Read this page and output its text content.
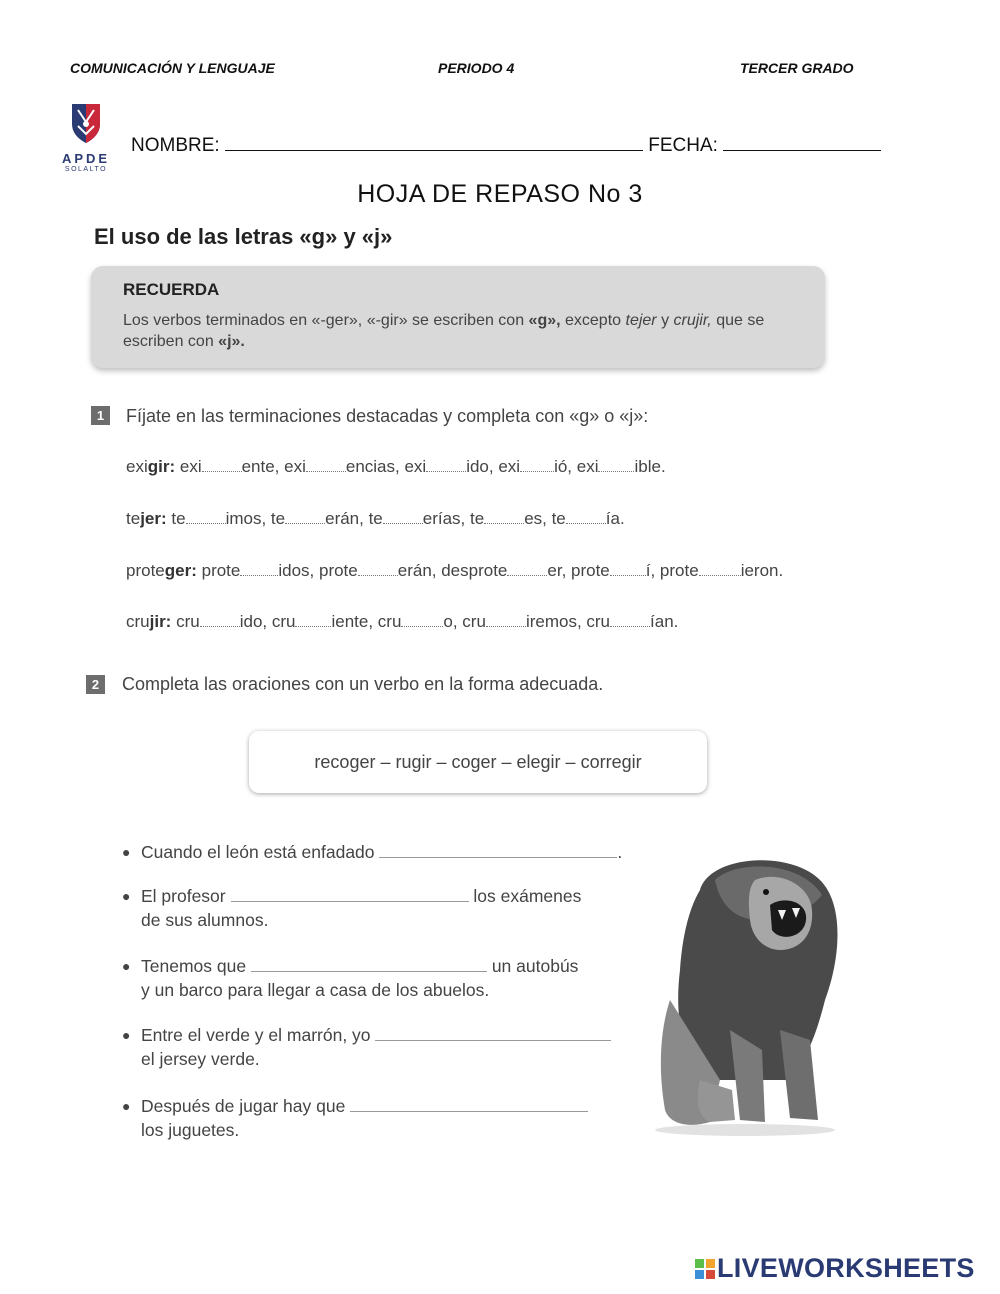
COMUNICACIÓN Y LENGUAJE	PERIODO 4	TERCER GRADO
APDE
SOLALTO
NOMBRE:	FECHA:
HOJA DE REPASO No 3
El uso de las letras «g» y «j»
RECUERDA
Los verbos terminados en «-ger», «-gir» se escriben con «g», excepto tejer y crujir, que se escriben con «j».
1	Fíjate en las terminaciones destacadas y completa con «g» o «j»:
exigir: exi ente, exi encias, exi ido, exi ió, exi ible.
tejer: te imos, te erán, te erías, te es, te ía.
proteger: prote idos, prote erán, desprote er, prote í, prote ieron.
crujir: cru ido, cru iente, cru o, cru iremos, cru ían.
2	Completa las oraciones con un verbo en la forma adecuada.
recoger – rugir – coger – elegir – corregir
● Cuando el león está enfadado	.
● El profesor	los exámenes
de sus alumnos.
● Tenemos que	un autobús
y un barco para llegar a casa de los abuelos.
● Entre el verde y el marrón, yo
el jersey verde.
● Después de jugar hay que
los juguetes.
LIVEWORKSHEETS
